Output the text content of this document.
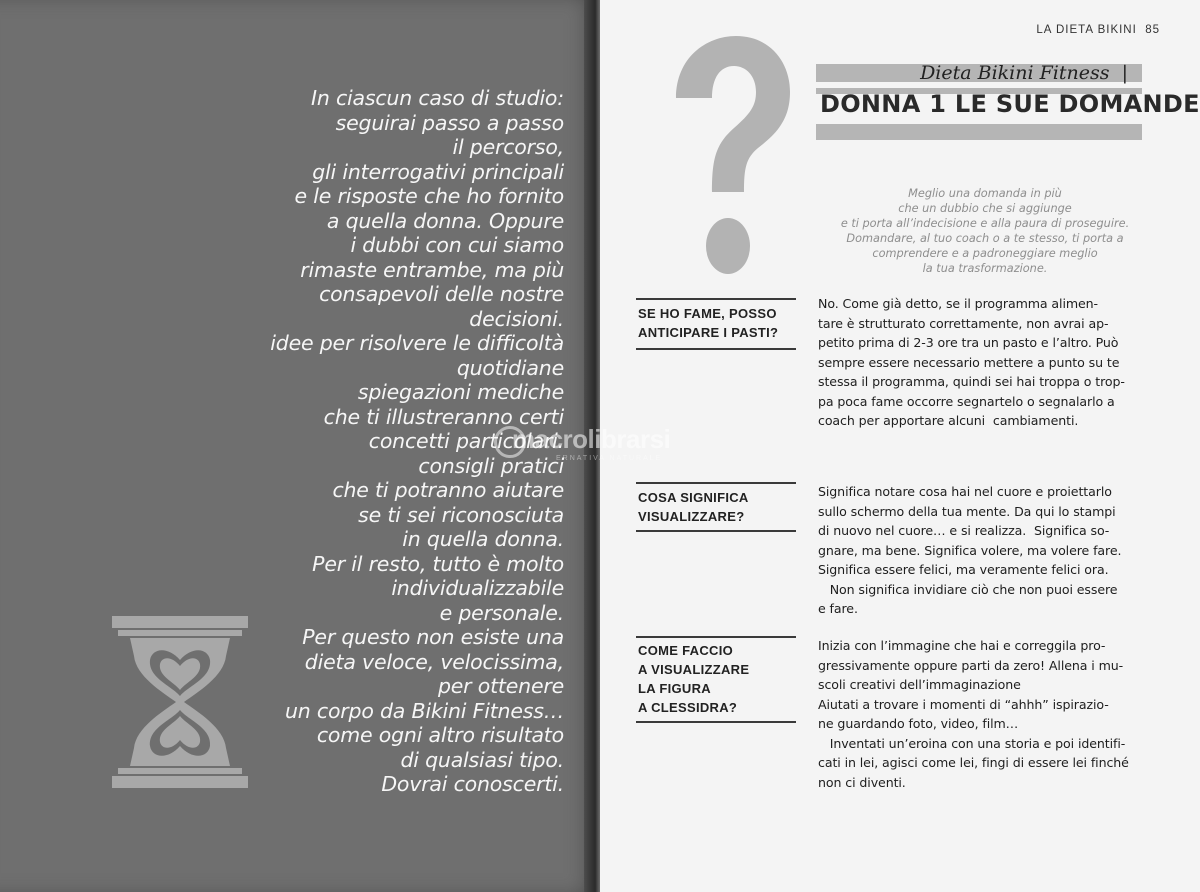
In ciascun caso di studio:
seguirai passo a passo
il percorso,
gli interrogativi principali
e le risposte che ho fornito
a quella donna. Oppure
i dubbi con cui siamo
rimaste entrambe, ma più
consapevoli delle nostre
decisioni.
idee per risolvere le difficoltà
quotidiane
spiegazioni mediche
che ti illustreranno certi
concetti particolari.
consigli pratici
che ti potranno aiutare
se ti sei riconosciuta
in quella donna.
Per il resto, tutto è molto
individualizzabile
e personale.
Per questo non esiste una
dieta veloce, velocissima,
per ottenere
un corpo da Bikini Fitness…
come ogni altro risultato
di qualsiasi tipo.
Dovrai conoscerti.
LA DIETA BIKINI 85
Dieta Bikini Fitness |
DONNA 1 LE SUE DOMANDE
Meglio una domanda in più
che un dubbio che si aggiunge
e ti porta all’indecisione e alla paura di proseguire.
Domandare, al tuo coach o a te stesso, ti porta a
comprendere e a padroneggiare meglio
la tua trasformazione.
SE HO FAME, POSSO
ANTICIPARE I PASTI?
No. Come già detto, se il programma alimen-
tare è strutturato correttamente, non avrai ap-
petito prima di 2-3 ore tra un pasto e l’altro. Può
sempre essere necessario mettere a punto su te
stessa il programma, quindi sei hai troppa o trop-
pa poca fame occorre segnartelo o segnalarlo a
coach per apportare alcuni  cambiamenti.
COSA SIGNIFICA
VISUALIZZARE?
Significa notare cosa hai nel cuore e proiettarlo
sullo schermo della tua mente. Da qui lo stampi
di nuovo nel cuore… e si realizza.  Significa so-
gnare, ma bene. Significa volere, ma volere fare.
Significa essere felici, ma veramente felici ora.
Non significa invidiare ciò che non puoi essere
e fare.
COME FACCIO
A VISUALIZZARE
LA FIGURA
A CLESSIDRA?
Inizia con l’immagine che hai e correggila pro-
gressivamente oppure parti da zero! Allena i mu-
scoli creativi dell’immaginazione
Aiutati a trovare i momenti di “ahhh” ispirazio-
ne guardando foto, video, film…
Inventati un’eroina con una storia e poi identifi-
cati in lei, agisci come lei, fingi di essere lei finché
non ci diventi.
macrolibrarsi
ERNATIVA NATURALE
